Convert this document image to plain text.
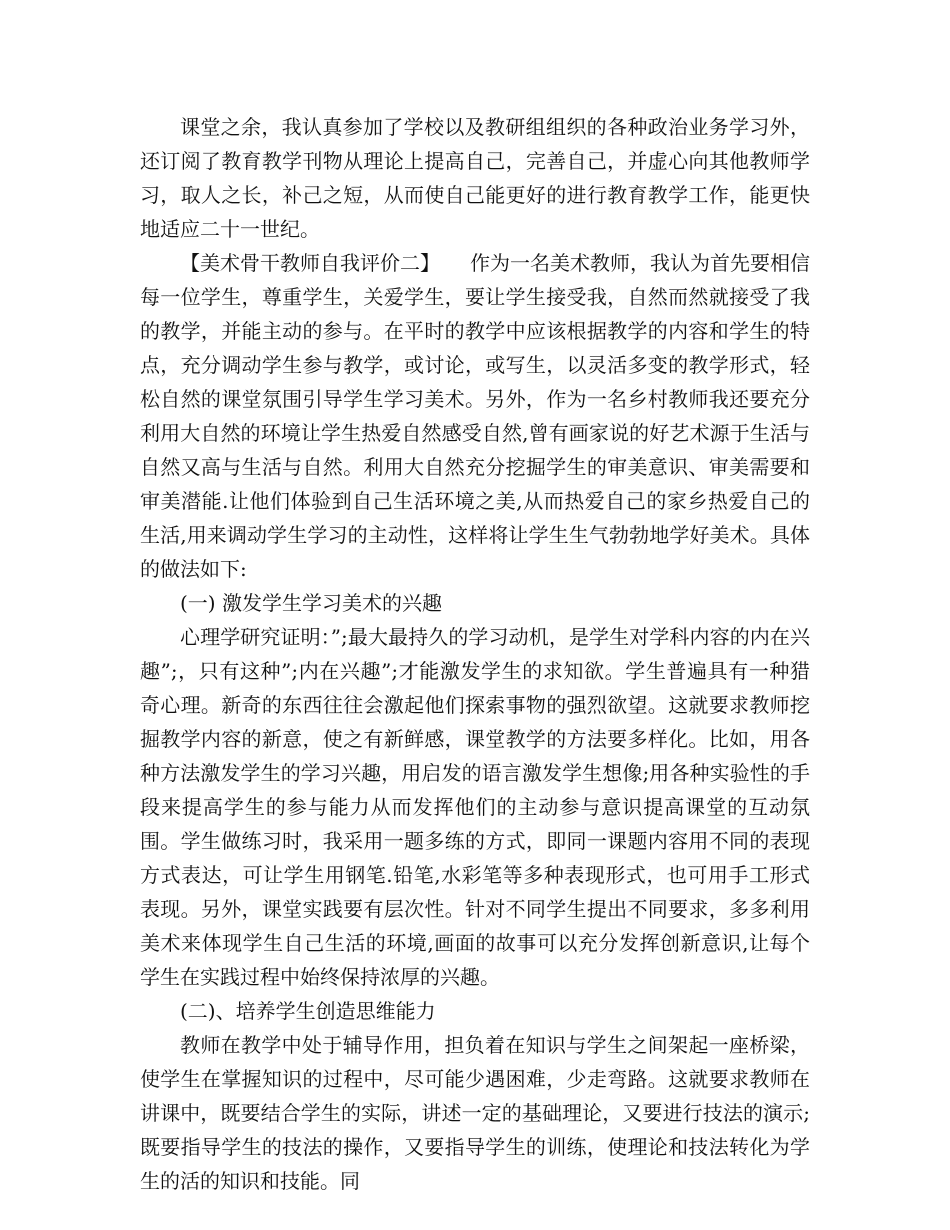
课堂之余，我认真参加了学校以及教研组组织的各种政治业务学习外，还订阅了教育教学刊物从理论上提高自己，完善自己，并虚心向其他教师学习，取人之长，补己之短，从而使自己能更好的进行教育教学工作，能更快地适应二十一世纪。

【美术骨干教师自我评价二】　　作为一名美术教师，我认为首先要相信每一位学生，尊重学生，关爱学生，要让学生接受我，自然而然就接受了我的教学，并能主动的参与。在平时的教学中应该根据教学的内容和学生的特点，充分调动学生参与教学，或讨论，或写生，以灵活多变的教学形式，轻松自然的课堂氛围引导学生学习美术。另外，作为一名乡村教师我还要充分利用大自然的环境让学生热爱自然感受自然,曾有画家说的好艺术源于生活与自然又高与生活与自然。利用大自然充分挖掘学生的审美意识、审美需要和审美潜能.让他们体验到自己生活环境之美,从而热爱自己的家乡热爱自己的生活,用来调动学生学习的主动性，这样将让学生生气勃勃地学好美术。具体的做法如下:

(一) 激发学生学习美术的兴趣

心理学研究证明：”;最大最持久的学习动机，是学生对学科内容的内在兴趣”;，只有这种”;内在兴趣”;才能激发学生的求知欲。学生普遍具有一种猎奇心理。新奇的东西往往会激起他们探索事物的强烈欲望。这就要求教师挖掘教学内容的新意，使之有新鲜感，课堂教学的方法要多样化。比如，用各种方法激发学生的学习兴趣，用启发的语言激发学生想像;用各种实验性的手段来提高学生的参与能力从而发挥他们的主动参与意识提高课堂的互动氛围。学生做练习时，我采用一题多练的方式，即同一课题内容用不同的表现方式表达，可让学生用钢笔.铅笔,水彩笔等多种表现形式，也可用手工形式表现。另外，课堂实践要有层次性。针对不同学生提出不同要求，多多利用美术来体现学生自己生活的环境,画面的故事可以充分发挥创新意识,让每个学生在实践过程中始终保持浓厚的兴趣。

(二)、培养学生创造思维能力

教师在教学中处于辅导作用，担负着在知识与学生之间架起一座桥梁，使学生在掌握知识的过程中，尽可能少遇困难，少走弯路。这就要求教师在讲课中，既要结合学生的实际，讲述一定的基础理论，又要进行技法的演示;既要指导学生的技法的操作，又要指导学生的训练，使理论和技法转化为学生的活的知识和技能。同
